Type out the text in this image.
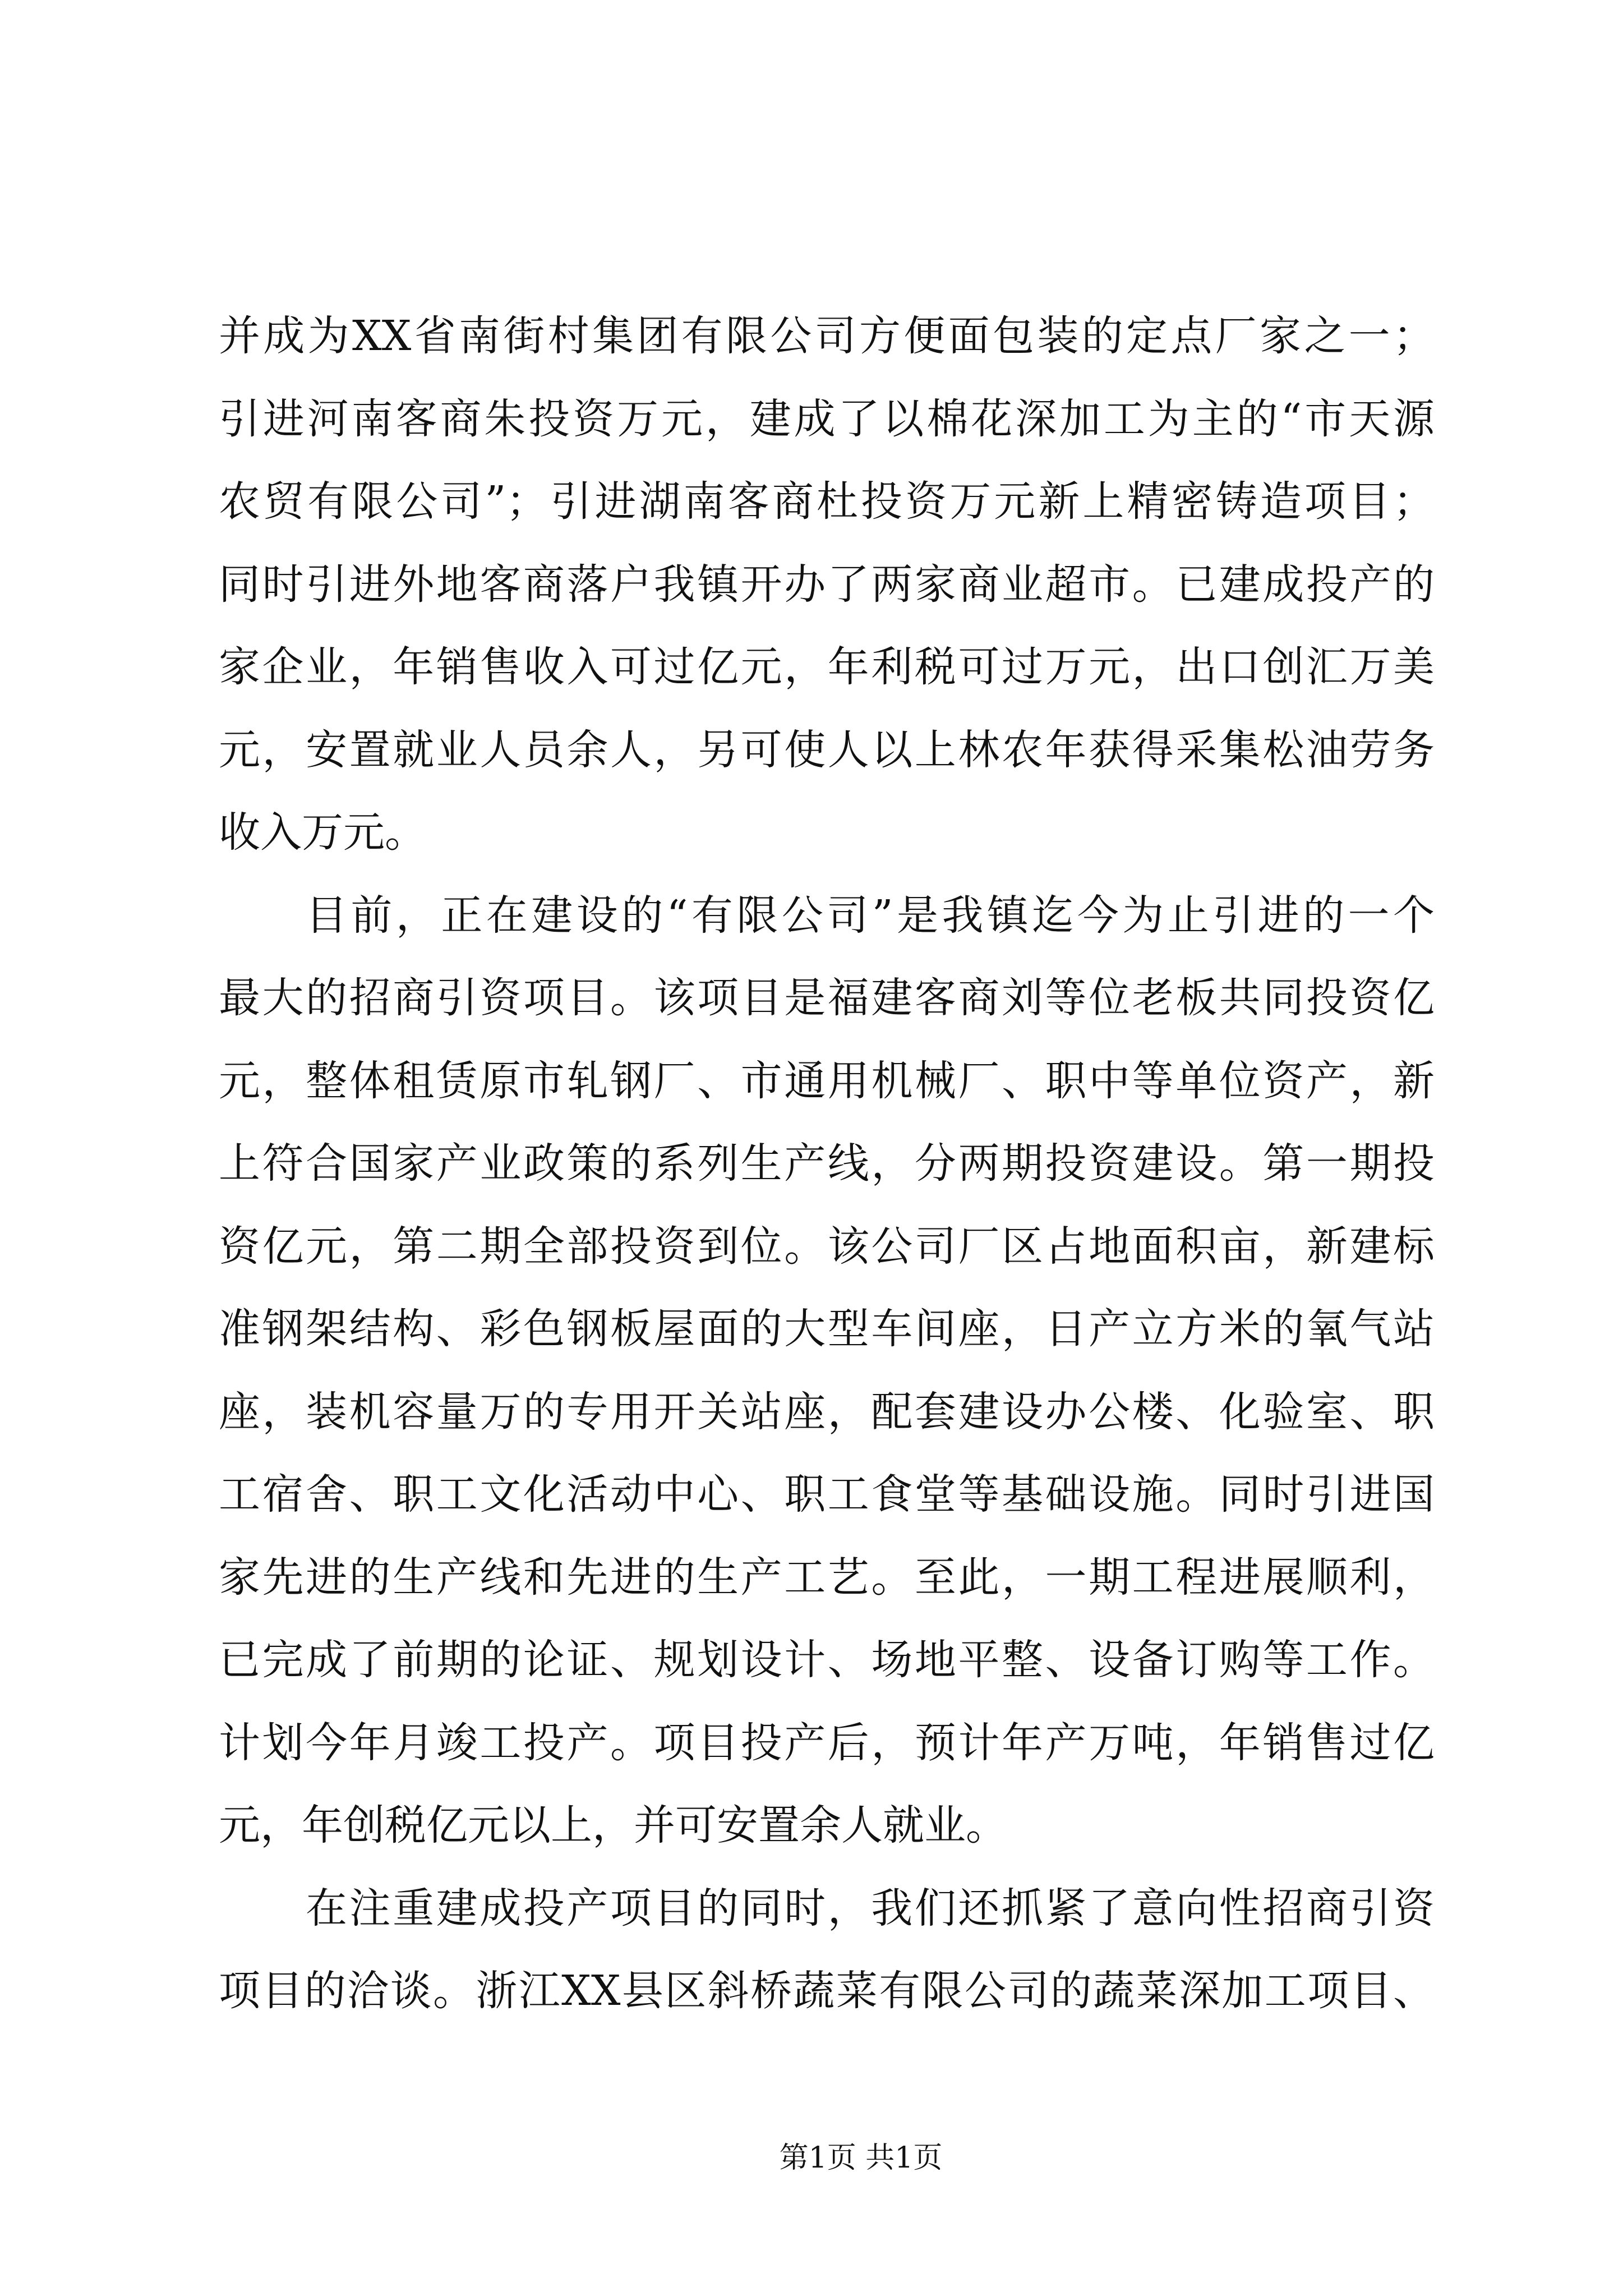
并成为XX省南街村集团有限公司方便面包装的定点厂家之一；
引进河南客商朱投资万元，建成了以棉花深加工为主的“市天源
农贸有限公司”；引进湖南客商杜投资万元新上精密铸造项目；
同时引进外地客商落户我镇开办了两家商业超市。已建成投产的
家企业，年销售收入可过亿元，年利税可过万元，出口创汇万美
元，安置就业人员余人，另可使人以上林农年获得采集松油劳务
收入万元。
目前，正在建设的“有限公司”是我镇迄今为止引进的一个
最大的招商引资项目。该项目是福建客商刘等位老板共同投资亿
元，整体租赁原市轧钢厂、市通用机械厂、职中等单位资产，新
上符合国家产业政策的系列生产线，分两期投资建设。第一期投
资亿元，第二期全部投资到位。该公司厂区占地面积亩，新建标
准钢架结构、彩色钢板屋面的大型车间座，日产立方米的氧气站
座，装机容量万的专用开关站座，配套建设办公楼、化验室、职
工宿舍、职工文化活动中心、职工食堂等基础设施。同时引进国
家先进的生产线和先进的生产工艺。至此，一期工程进展顺利，
已完成了前期的论证、规划设计、场地平整、设备订购等工作。
计划今年月竣工投产。项目投产后，预计年产万吨，年销售过亿
元，年创税亿元以上，并可安置余人就业。
在注重建成投产项目的同时，我们还抓紧了意向性招商引资
项目的洽谈。浙江XX县区斜桥蔬菜有限公司的蔬菜深加工项目、
第1页 共1页
